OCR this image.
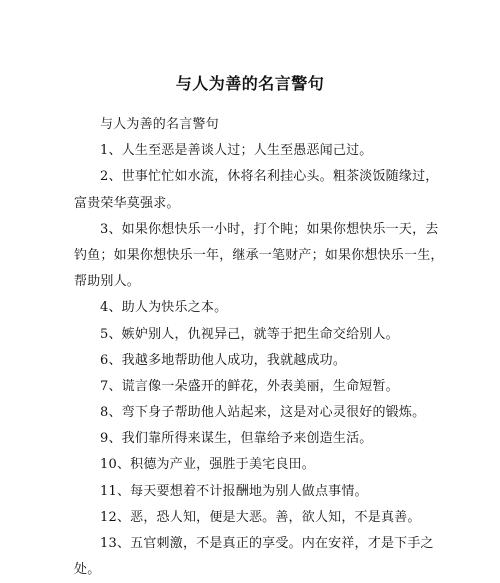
与人为善的名言警句
与人为善的名言警句
1、人生至恶是善谈人过；人生至愚恶闻己过。
2、世事忙忙如水流，休将名利挂心头。粗茶淡饭随缘过，
富贵荣华莫强求。
3、如果你想快乐一小时，打个盹；如果你想快乐一天，去
钓鱼；如果你想快乐一年，继承一笔财产；如果你想快乐一生，
帮助别人。
4、助人为快乐之本。
5、嫉妒别人，仇视异己，就等于把生命交给别人。
6、我越多地帮助他人成功，我就越成功。
7、谎言像一朵盛开的鲜花，外表美丽，生命短暂。
8、弯下身子帮助他人站起来，这是对心灵很好的锻炼。
9、我们靠所得来谋生，但靠给予来创造生活。
10、积德为产业，强胜于美宅良田。
11、每天要想着不计报酬地为别人做点事情。
12、恶，恐人知，便是大恶。善，欲人知，不是真善。
13、五官刺激，不是真正的享受。内在安祥，才是下手之
处。
